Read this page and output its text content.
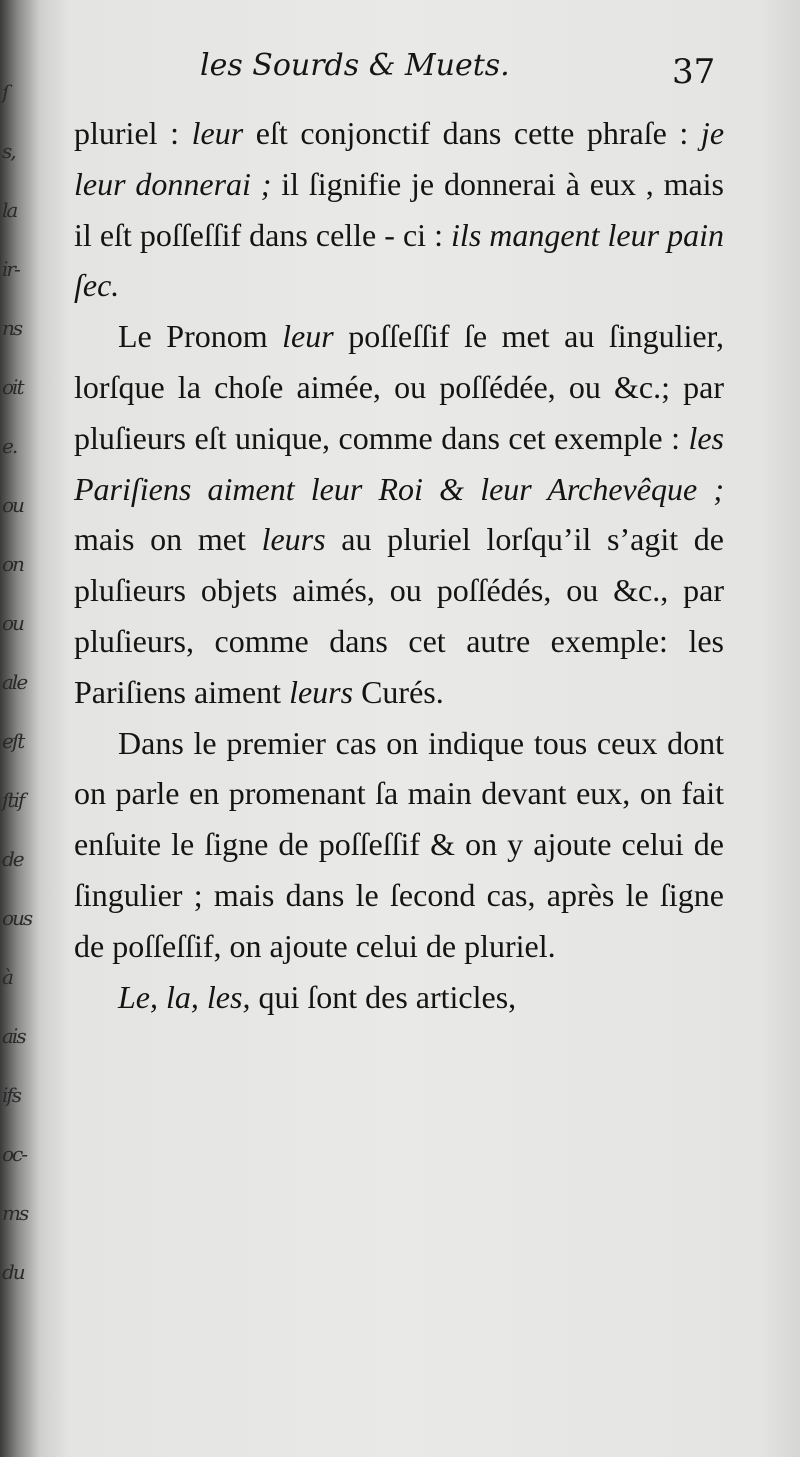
ſ
s,
la
ir-
ns
oit
e.
ou
on
ou
ale
eſt
ſtif
de
ous
à
ais
ifs
oc-
ms
du
les Sourds & Muets.	37

pluriel : leur eſt conjonctif dans cette phraſe : je leur donnerai ; il ſignifie je donnerai à eux , mais il eſt poſſeſſif dans celle - ci : ils mangent leur pain ſec.

Le Pronom leur poſſeſſif ſe met au ſingulier, lorſque la choſe aimée, ou poſſédée, ou &c.; par pluſieurs eſt unique, comme dans cet exemple : les Pariſiens aiment leur Roi & leur Archevêque ; mais on met leurs au pluriel lorſqu’il s’agit de pluſieurs objets aimés, ou poſſédés, ou &c., par pluſieurs, comme dans cet autre exemple: les Pariſiens aiment leurs Curés.

Dans le premier cas on indique tous ceux dont on parle en promenant ſa main devant eux, on fait enſuite le ſigne de poſſeſſif & on y ajoute celui de ſingulier ; mais dans le ſecond cas, après le ſigne de poſſeſſif, on ajoute celui de pluriel.

Le, la, les, qui ſont des articles,
